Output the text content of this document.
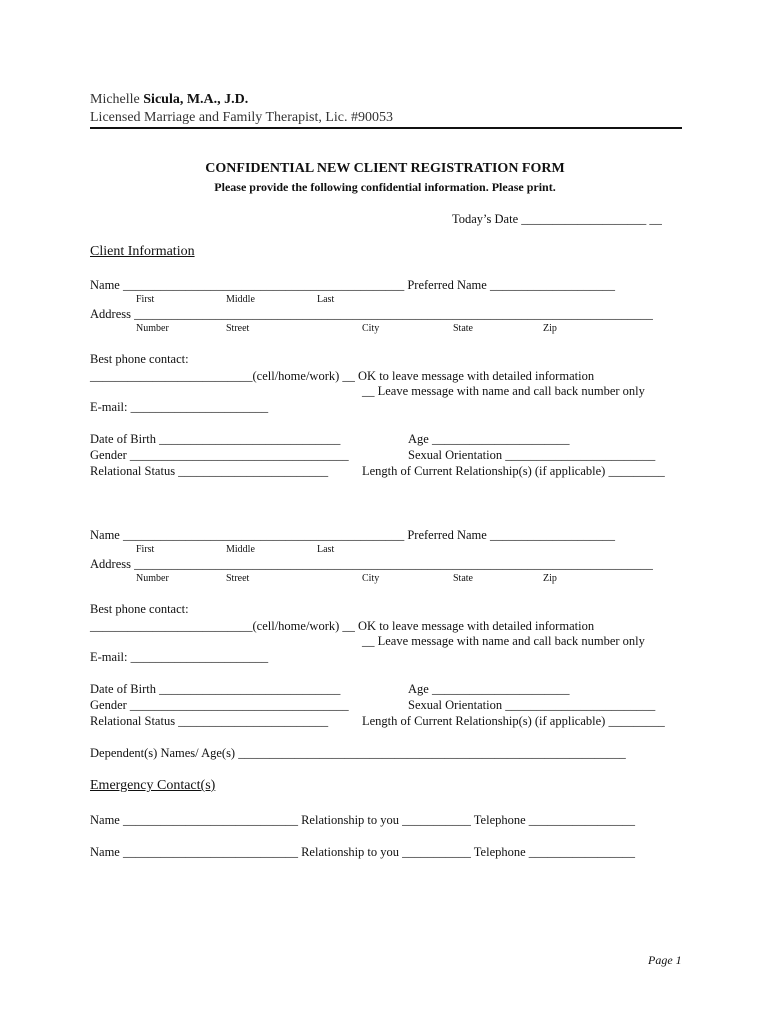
Michelle Sicula, M.A., J.D.
Licensed Marriage and Family Therapist, Lic. #90053
CONFIDENTIAL NEW CLIENT REGISTRATION FORM
Please provide the following confidential information. Please print.
Today’s Date ____________________ __
Client Information
Name _____________________________________________ Preferred Name ____________________
First	Middle	Last
Address ___________________________________________________________________________________
Number	Street	City	State	Zip
Best phone contact:
__________________________(cell/home/work) __ OK to leave message with detailed information
__ Leave message with name and call back number only
E-mail: ______________________
Date of Birth _____________________________	Age ______________________
Gender ___________________________________	Sexual Orientation ________________________
Relational Status ________________________	Length of Current Relationship(s) (if applicable) _________
Name _____________________________________________ Preferred Name ____________________
First	Middle	Last
Address ___________________________________________________________________________________
Number	Street	City	State	Zip
Best phone contact:
__________________________(cell/home/work) __ OK to leave message with detailed information
__ Leave message with name and call back number only
E-mail: ______________________
Date of Birth _____________________________	Age ______________________
Gender ___________________________________	Sexual Orientation ________________________
Relational Status ________________________	Length of Current Relationship(s) (if applicable) _________
Dependent(s) Names/ Age(s) ______________________________________________________________
Emergency Contact(s)
Name ____________________________ Relationship to you ___________ Telephone _________________
Name ____________________________ Relationship to you ___________ Telephone _________________
Page 1
